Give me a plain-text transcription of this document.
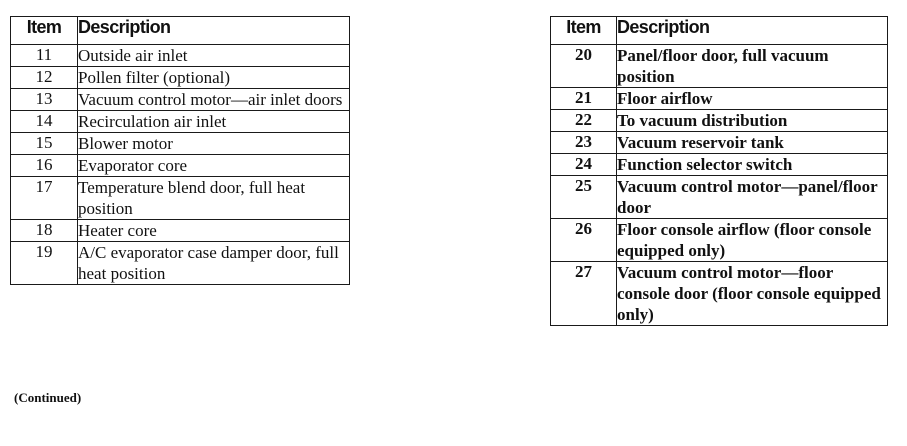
Item	Description
11	Outside air inlet
12	Pollen filter (optional)
13	Vacuum control motor—air inlet doors
14	Recirculation air inlet
15	Blower motor
16	Evaporator core
17	Temperature blend door, full heat position
18	Heater core
19	A/C evaporator case damper door, full heat position
(Continued)
Item	Description
20	Panel/floor door, full vacuum position
21	Floor airflow
22	To vacuum distribution
23	Vacuum reservoir tank
24	Function selector switch
25	Vacuum control motor—panel/floor door
26	Floor console airflow (floor console equipped only)
27	Vacuum control motor—floor console door (floor console equipped only)
